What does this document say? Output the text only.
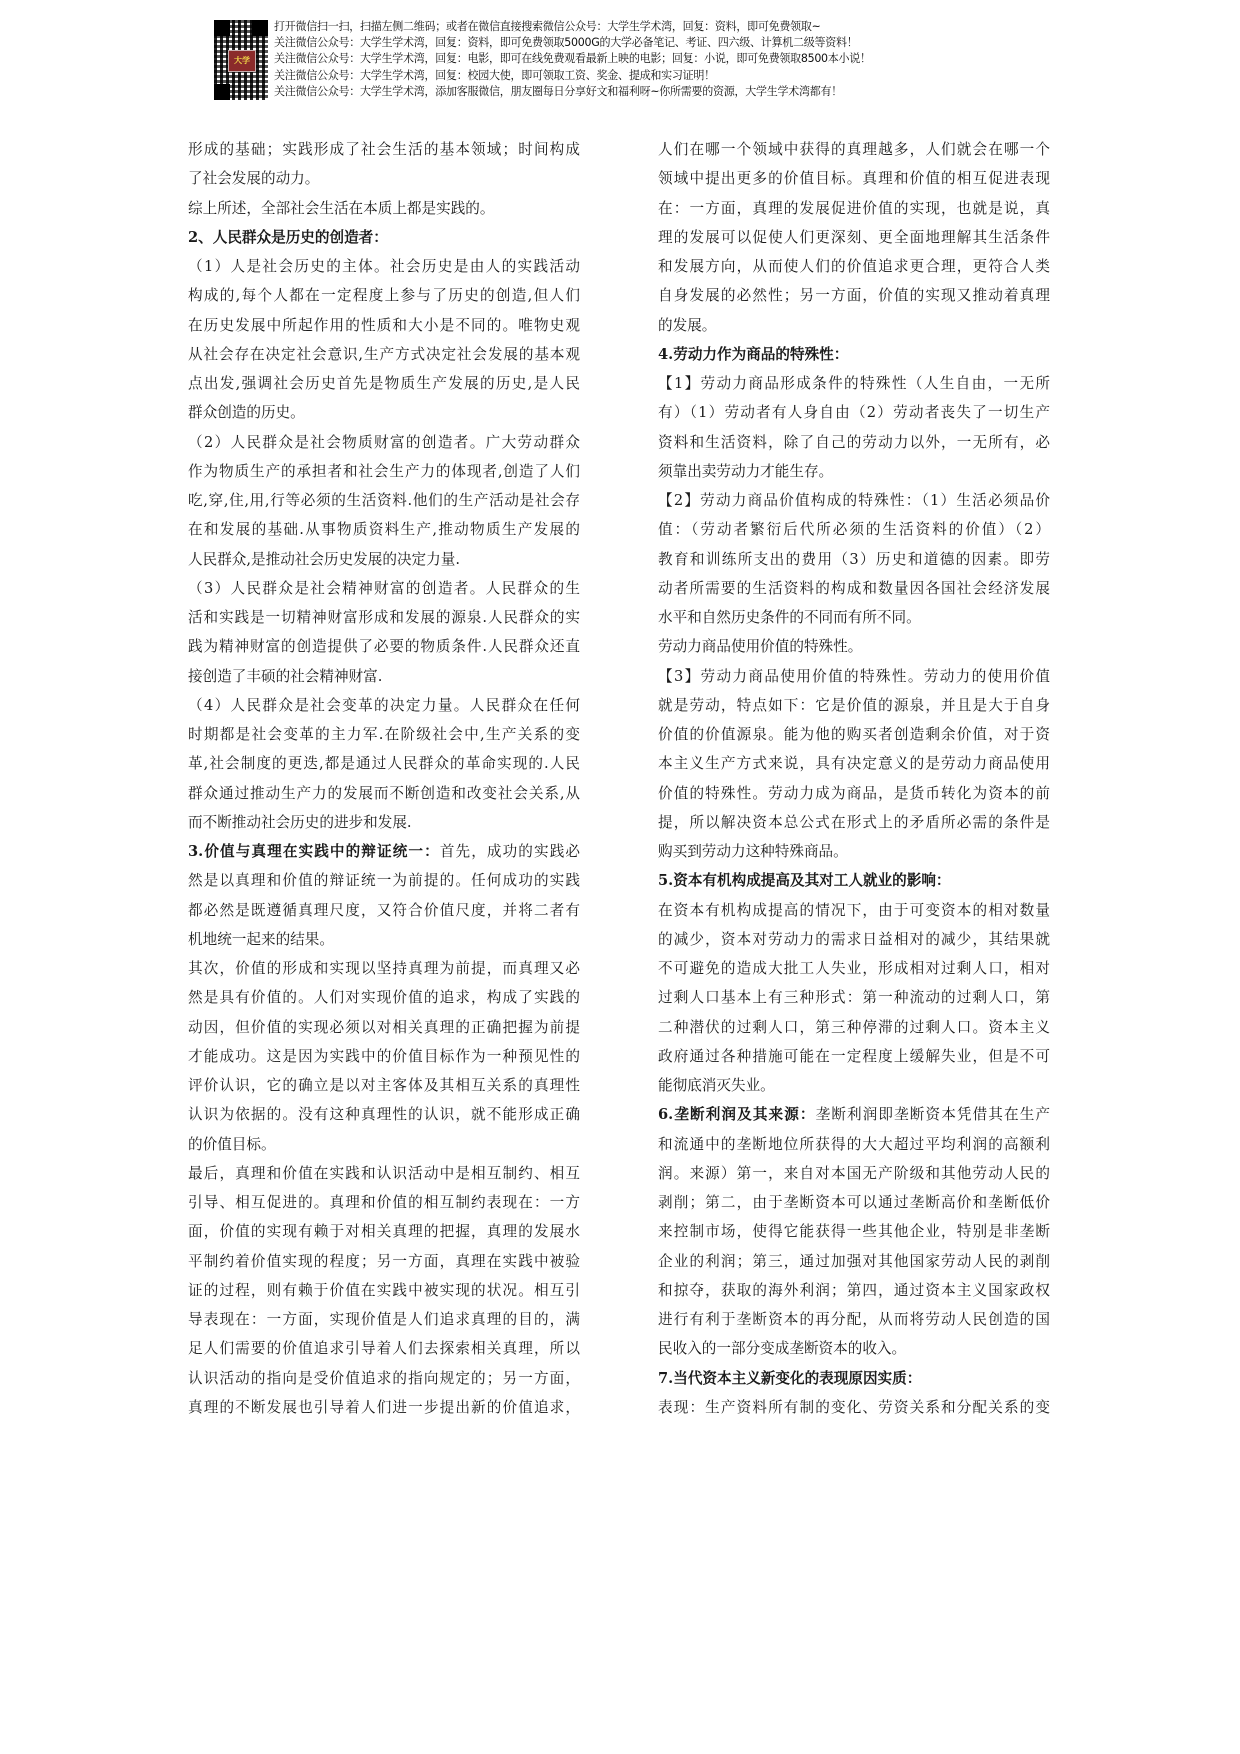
大学
打开微信扫一扫，扫描左侧二维码；或者在微信直接搜索微信公众号：大学生学术湾，回复：资料，即可免费领取~
关注微信公众号：大学生学术湾，回复：资料，即可免费领取5000G的大学必备笔记、考证、四六级、计算机二级等资料！
关注微信公众号：大学生学术湾，回复：电影，即可在线免费观看最新上映的电影；回复：小说，即可免费领取8500本小说！
关注微信公众号：大学生学术湾，回复：校园大使，即可领取工资、奖金、提成和实习证明！
关注微信公众号：大学生学术湾，添加客服微信，朋友圈每日分享好文和福利呀~你所需要的资源，大学生学术湾都有！
形成的基础；实践形成了社会生活的基本领域；时间构成
了社会发展的动力。
综上所述，全部社会生活在本质上都是实践的。
2、人民群众是历史的创造者：
（1）人是社会历史的主体。社会历史是由人的实践活动
构成的,每个人都在一定程度上参与了历史的创造,但人们
在历史发展中所起作用的性质和大小是不同的。唯物史观
从社会存在决定社会意识,生产方式决定社会发展的基本观
点出发,强调社会历史首先是物质生产发展的历史,是人民
群众创造的历史。
（2）人民群众是社会物质财富的创造者。广大劳动群众
作为物质生产的承担者和社会生产力的体现者,创造了人们
吃,穿,住,用,行等必须的生活资料.他们的生产活动是社会存
在和发展的基础.从事物质资料生产,推动物质生产发展的
人民群众,是推动社会历史发展的决定力量.
（3）人民群众是社会精神财富的创造者。人民群众的生
活和实践是一切精神财富形成和发展的源泉.人民群众的实
践为精神财富的创造提供了必要的物质条件.人民群众还直
接创造了丰硕的社会精神财富.
（4）人民群众是社会变革的决定力量。人民群众在任何
时期都是社会变革的主力军.在阶级社会中,生产关系的变
革,社会制度的更迭,都是通过人民群众的革命实现的.人民
群众通过推动生产力的发展而不断创造和改变社会关系,从
而不断推动社会历史的进步和发展.
3.价值与真理在实践中的辩证统一：首先，成功的实践必
然是以真理和价值的辩证统一为前提的。任何成功的实践
都必然是既遵循真理尺度，又符合价值尺度，并将二者有
机地统一起来的结果。
其次，价值的形成和实现以坚持真理为前提，而真理又必
然是具有价值的。人们对实现价值的追求，构成了实践的
动因，但价值的实现必须以对相关真理的正确把握为前提
才能成功。这是因为实践中的价值目标作为一种预见性的
评价认识，它的确立是以对主客体及其相互关系的真理性
认识为依据的。没有这种真理性的认识，就不能形成正确
的价值目标。
最后，真理和价值在实践和认识活动中是相互制约、相互
引导、相互促进的。真理和价值的相互制约表现在：一方
面，价值的实现有赖于对相关真理的把握，真理的发展水
平制约着价值实现的程度；另一方面，真理在实践中被验
证的过程，则有赖于价值在实践中被实现的状况。相互引
导表现在：一方面，实现价值是人们追求真理的目的，满
足人们需要的价值追求引导着人们去探索相关真理，所以
认识活动的指向是受价值追求的指向规定的；另一方面，
真理的不断发展也引导着人们进一步提出新的价值追求，
人们在哪一个领域中获得的真理越多，人们就会在哪一个
领域中提出更多的价值目标。真理和价值的相互促进表现
在：一方面，真理的发展促进价值的实现，也就是说，真
理的发展可以促使人们更深刻、更全面地理解其生活条件
和发展方向，从而使人们的价值追求更合理，更符合人类
自身发展的必然性；另一方面，价值的实现又推动着真理
的发展。
4.劳动力作为商品的特殊性：
【1】劳动力商品形成条件的特殊性（人生自由，一无所
有）（1）劳动者有人身自由（2）劳动者丧失了一切生产
资料和生活资料，除了自己的劳动力以外，一无所有，必
须靠出卖劳动力才能生存。
【2】劳动力商品价值构成的特殊性：（1）生活必须品价
值：（劳动者繁衍后代所必须的生活资料的价值）（2）
教育和训练所支出的费用（3）历史和道德的因素。即劳
动者所需要的生活资料的构成和数量因各国社会经济发展
水平和自然历史条件的不同而有所不同。
劳动力商品使用价值的特殊性。
【3】劳动力商品使用价值的特殊性。劳动力的使用价值
就是劳动，特点如下：它是价值的源泉，并且是大于自身
价值的价值源泉。能为他的购买者创造剩余价值，对于资
本主义生产方式来说，具有决定意义的是劳动力商品使用
价值的特殊性。劳动力成为商品，是货币转化为资本的前
提，所以解决资本总公式在形式上的矛盾所必需的条件是
购买到劳动力这种特殊商品。
5.资本有机构成提高及其对工人就业的影响：
在资本有机构成提高的情况下，由于可变资本的相对数量
的减少，资本对劳动力的需求日益相对的减少，其结果就
不可避免的造成大批工人失业，形成相对过剩人口，相对
过剩人口基本上有三种形式：第一种流动的过剩人口，第
二种潜伏的过剩人口，第三种停滞的过剩人口。资本主义
政府通过各种措施可能在一定程度上缓解失业，但是不可
能彻底消灭失业。
6.垄断利润及其来源：垄断利润即垄断资本凭借其在生产
和流通中的垄断地位所获得的大大超过平均利润的高额利
润。来源）第一，来自对本国无产阶级和其他劳动人民的
剥削；第二，由于垄断资本可以通过垄断高价和垄断低价
来控制市场，使得它能获得一些其他企业，特别是非垄断
企业的利润；第三，通过加强对其他国家劳动人民的剥削
和掠夺，获取的海外利润；第四，通过资本主义国家政权
进行有利于垄断资本的再分配，从而将劳动人民创造的国
民收入的一部分变成垄断资本的收入。
7.当代资本主义新变化的表现原因实质：
表现：生产资料所有制的变化、劳资关系和分配关系的变
